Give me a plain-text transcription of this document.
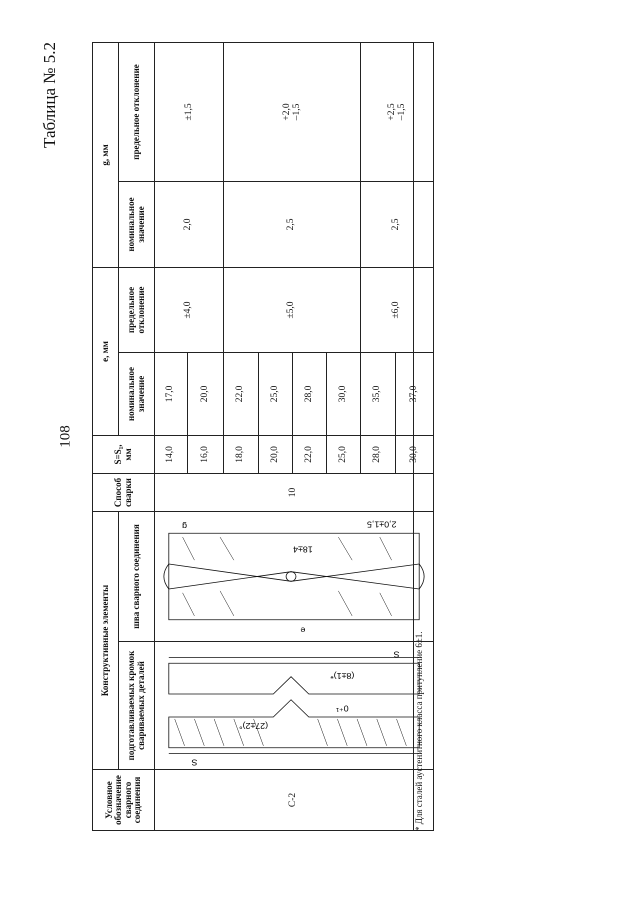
108
Таблица № 5.2
Условное обозначение сварного соединения	Конструктивные элементы		Способ сварки	S=S₁, мм	e, мм		g, мм	
	подготавливаемых кромок свариваемых деталей	шва сварного соединения			номинальное значение	предельное отклонение	номинальное значение	предельное отклонение

С-2	S
S
(27±2)°
0⁺¹
(8±1)*	e
g
18±4
2,0±1,5	10	14,0	17,0	±4,0	2,0	±1,5

				16,0	20,0			
				18,0	22,0	±5,0	2,5	+2,0 –1,5

				20,0	25,0			
				22,0	28,0			
				25,0	30,0			
				28,0	35,0	±6,0	2,5	+2,5 –1,5

				30,0	37,0			
* Для сталей аустенитного класса притупление 6±1.
